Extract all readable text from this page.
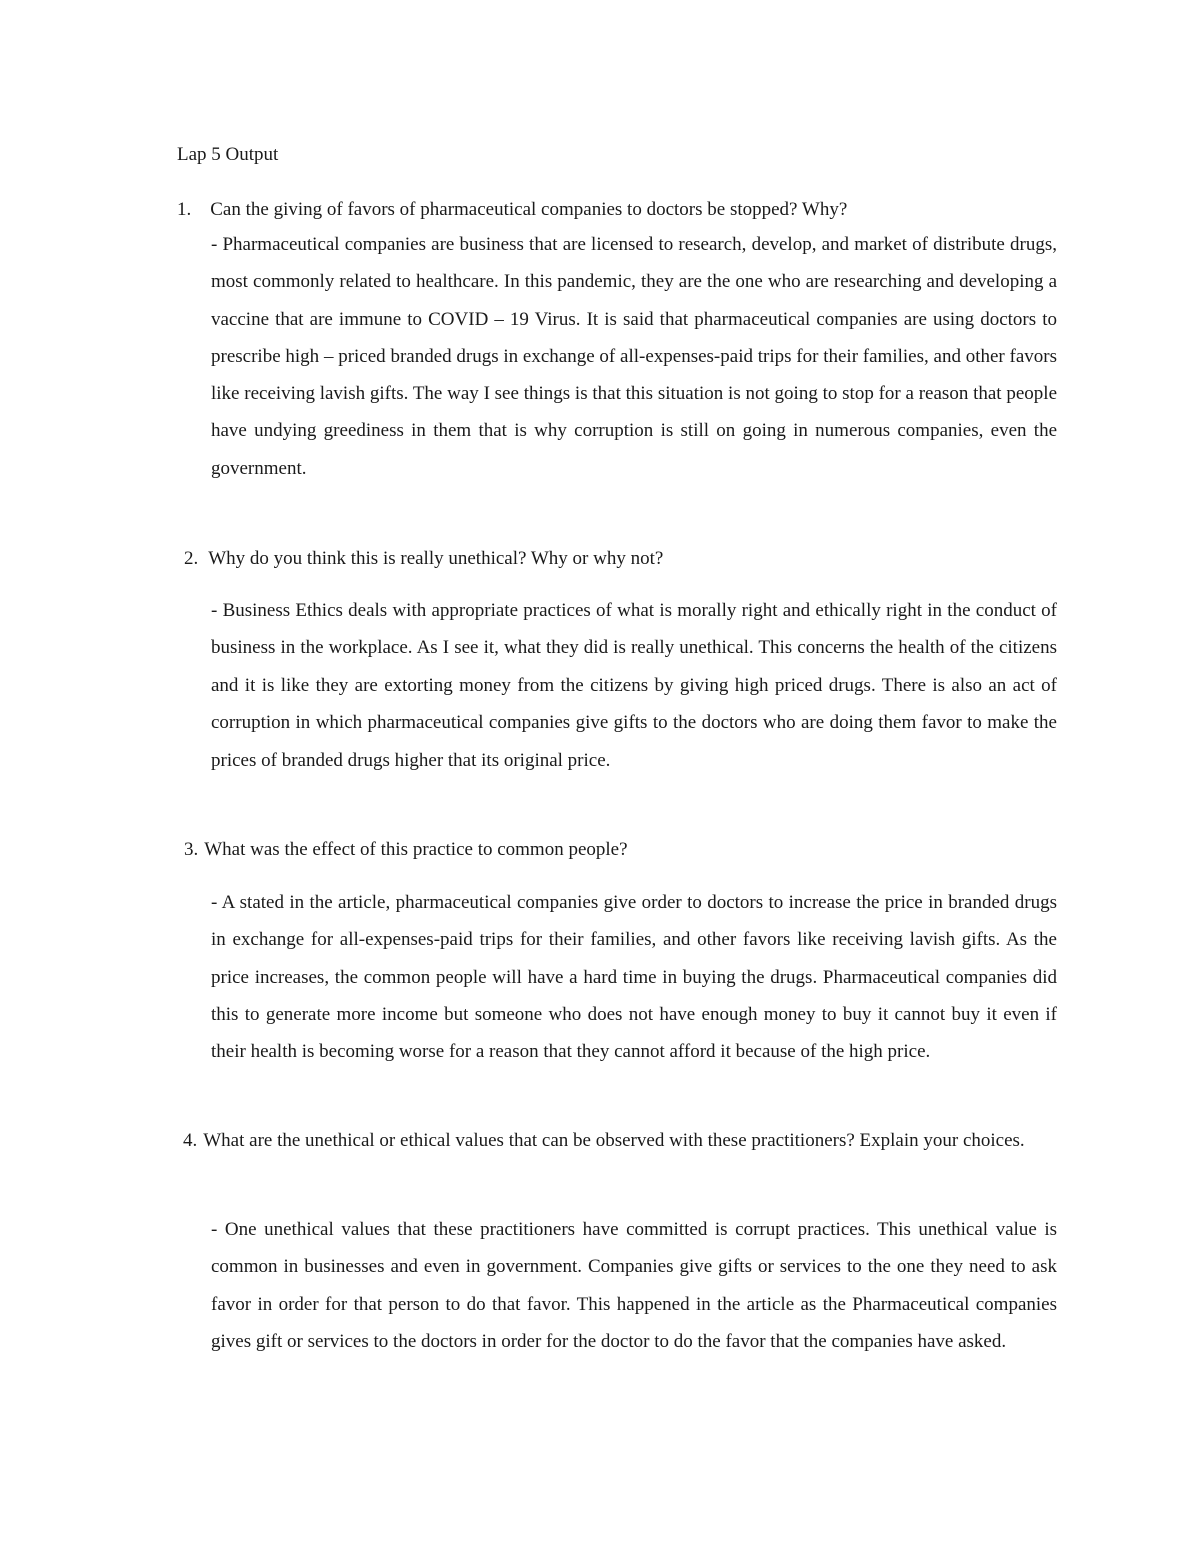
Lap 5 Output
1. Can the giving of favors of pharmaceutical companies to doctors be stopped? Why?
- Pharmaceutical companies are business that are licensed to research, develop, and market of distribute drugs, most commonly related to healthcare. In this pandemic, they are the one who are researching and developing a vaccine that are immune to COVID – 19 Virus. It is said that pharmaceutical companies are using doctors to prescribe high – priced branded drugs in exchange of all-expenses-paid trips for their families, and other favors like receiving lavish gifts. The way I see things is that this situation is not going to stop for a reason that people have undying greediness in them that is why corruption is still on going in numerous companies, even the government.
2. Why do you think this is really unethical? Why or why not?
- Business Ethics deals with appropriate practices of what is morally right and ethically right in the conduct of business in the workplace. As I see it, what they did is really unethical. This concerns the health of the citizens and it is like they are extorting money from the citizens by giving high priced drugs. There is also an act of corruption in which pharmaceutical companies give gifts to the doctors who are doing them favor to make the prices of branded drugs higher that its original price.
3. What was the effect of this practice to common people?
- A stated in the article, pharmaceutical companies give order to doctors to increase the price in branded drugs in exchange for all-expenses-paid trips for their families, and other favors like receiving lavish gifts. As the price increases, the common people will have a hard time in buying the drugs. Pharmaceutical companies did this to generate more income but someone who does not have enough money to buy it cannot buy it even if their health is becoming worse for a reason that they cannot afford it because of the high price.
4. What are the unethical or ethical values that can be observed with these practitioners? Explain your choices.
- One unethical values that these practitioners have committed is corrupt practices. This unethical value is common in businesses and even in government. Companies give gifts or services to the one they need to ask favor in order for that person to do that favor. This happened in the article as the Pharmaceutical companies gives gift or services to the doctors in order for the doctor to do the favor that the companies have asked.
